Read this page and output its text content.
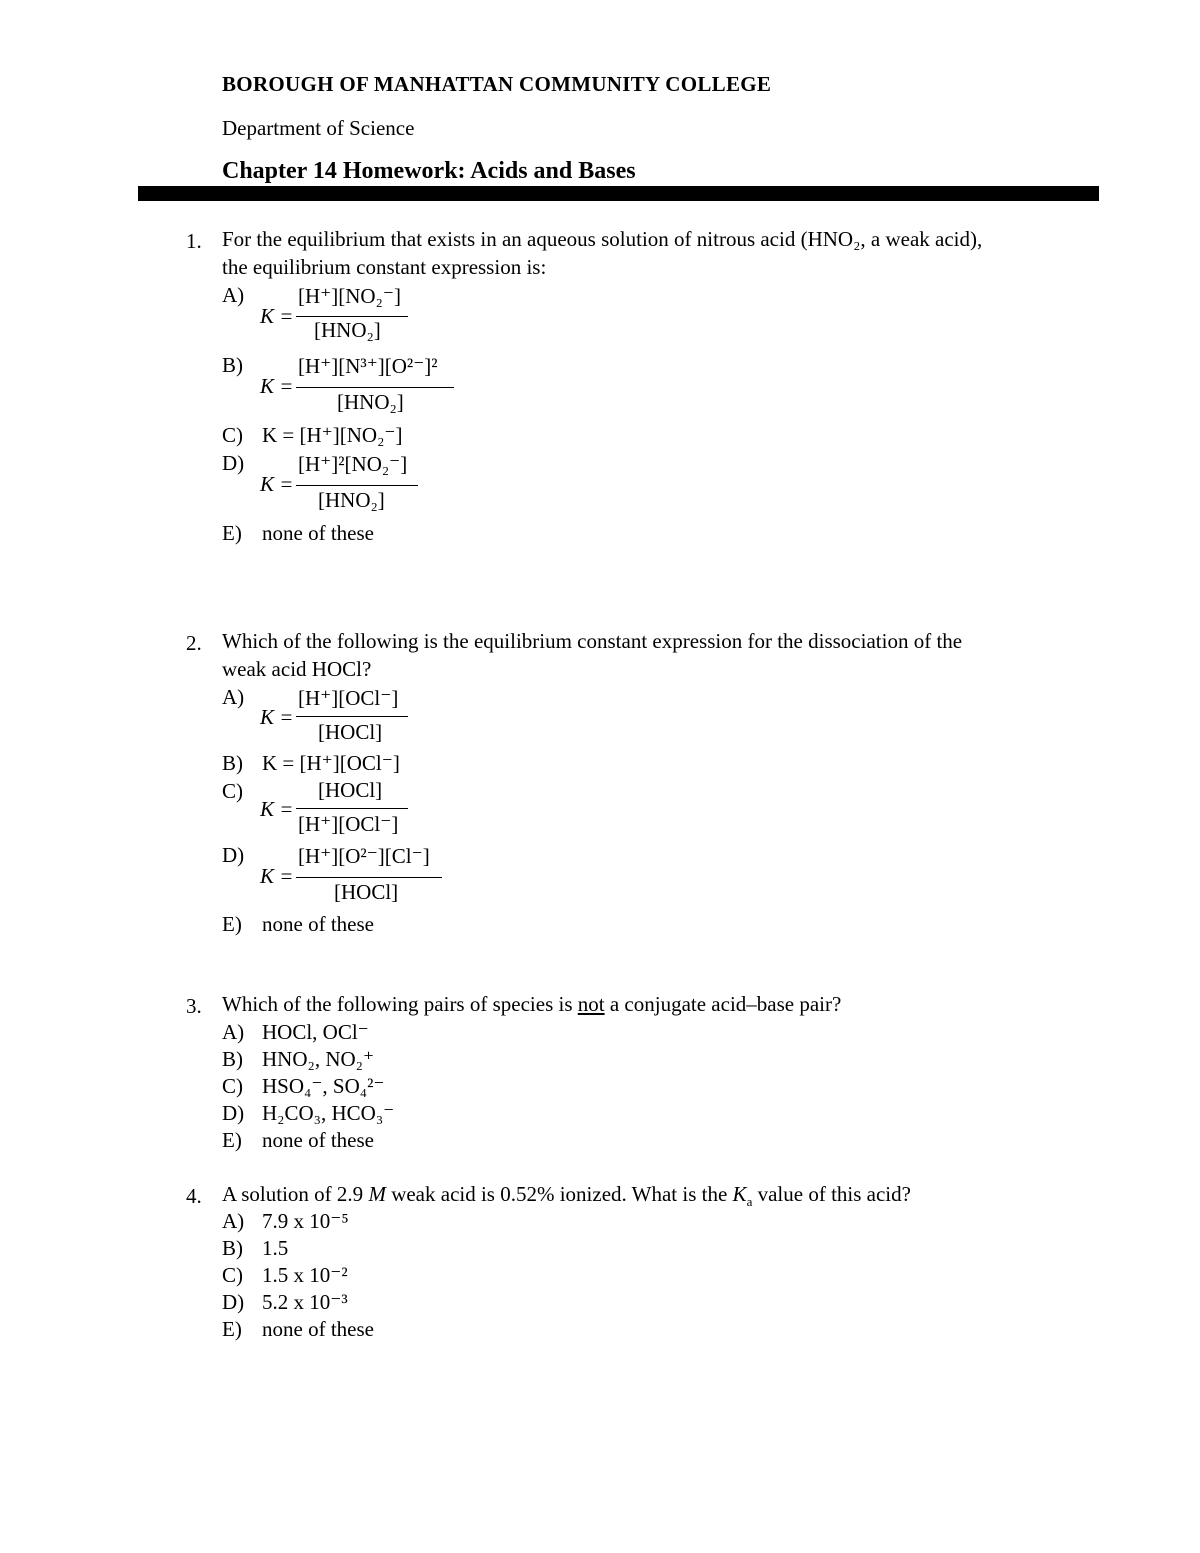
BOROUGH OF MANHATTAN COMMUNITY COLLEGE
Department of Science
Chapter 14 Homework: Acids and Bases
1. For the equilibrium that exists in an aqueous solution of nitrous acid (HNO₂, a weak acid),
the equilibrium constant expression is:
A)
K =
[H⁺][NO₂⁻]
[HNO₂]
B)
K =
[H⁺][N³⁺][O²⁻]²
[HNO₂]
C) K = [H⁺][NO₂⁻]
D)
K =
[H⁺]²[NO₂⁻]
[HNO₂]
E) none of these
2. Which of the following is the equilibrium constant expression for the dissociation of the
weak acid HOCl?
A)
K =
[H⁺][OCl⁻]
[HOCl]
B) K = [H⁺][OCl⁻]
C)
K =
[HOCl]
[H⁺][OCl⁻]
D)
K =
[H⁺][O²⁻][Cl⁻]
[HOCl]
E) none of these
3. Which of the following pairs of species is not a conjugate acid–base pair?
A) HOCl, OCl⁻
B) HNO₂, NO₂⁺
C) HSO₄⁻, SO₄²⁻
D) H₂CO₃, HCO₃⁻
E) none of these
4. A solution of 2.9 M weak acid is 0.52% ionized. What is the $K_a$ value of this acid?
A) 7.9 x 10⁻⁵
B) 1.5
C) 1.5 x 10⁻²
D) 5.2 x 10⁻³
E) none of these
